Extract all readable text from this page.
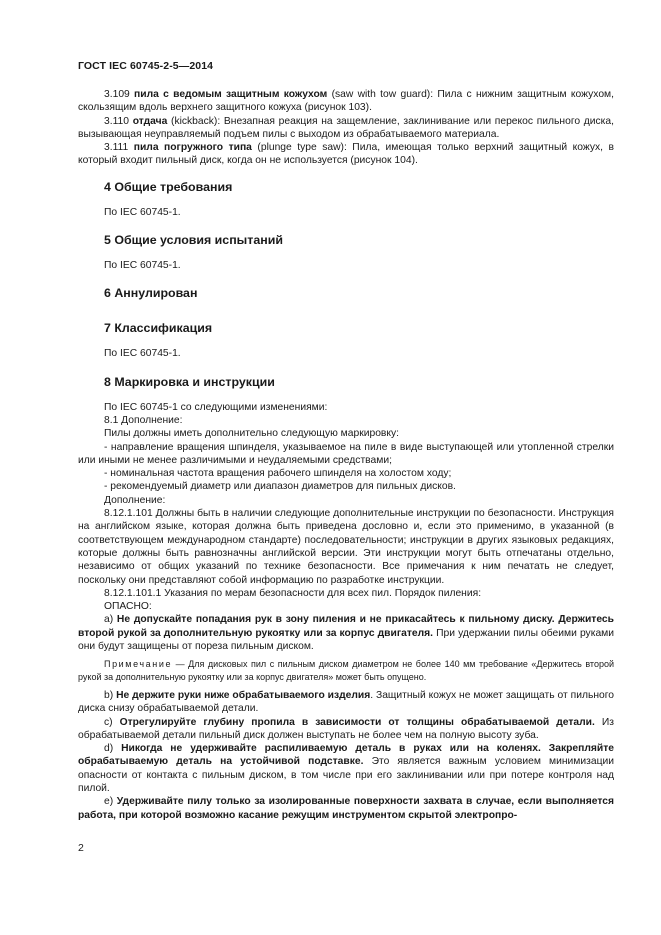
ГОСТ IEC 60745-2-5—2014

3.109 пила с ведомым защитным кожухом (saw with tow guard): Пила с нижним защитным кожухом, скользящим вдоль верхнего защитного кожуха (рисунок 103).

3.110 отдача (kickback): Внезапная реакция на защемление, заклинивание или перекос пильного диска, вызывающая неуправляемый подъем пилы с выходом из обрабатываемого материала.

3.111 пила погружного типа (plunge type saw): Пила, имеющая только верхний защитный кожух, в который входит пильный диск, когда он не используется (рисунок 104).

4 Общие требования

По IEC 60745-1.

5 Общие условия испытаний

По IEC 60745-1.

6 Аннулирован
7 Классификация

По IEC 60745-1.

8 Маркировка и инструкции

По IEC 60745-1 со следующими изменениями:

8.1 Дополнение:

Пилы должны иметь дополнительно следующую маркировку:

- направление вращения шпинделя, указываемое на пиле в виде выступающей или утопленной стрелки или иными не менее различимыми и неудаляемыми средствами;

- номинальная частота вращения рабочего шпинделя на холостом ходу;

- рекомендуемый диаметр или диапазон диаметров для пильных дисков.

Дополнение:

8.12.1.101 Должны быть в наличии следующие дополнительные инструкции по безопасности. Инструкция на английском языке, которая должна быть приведена дословно и, если это применимо, в указанной (в соответствующем международном стандарте) последовательности; инструкции в других языковых редакциях, которые должны быть равнозначны английской версии. Эти инструкции могут быть отпечатаны отдельно, независимо от общих указаний по технике безопасности. Все примечания к ним печатать не следует, поскольку они представляют собой информацию по разработке инструкции.

8.12.1.101.1 Указания по мерам безопасности для всех пил. Порядок пиления:

ОПАСНО:

a) Не допускайте попадания рук в зону пиления и не прикасайтесь к пильному диску. Держитесь второй рукой за дополнительную рукоятку или за корпус двигателя. При удержании пилы обеими руками они будут защищены от пореза пильным диском.

Примечание — Для дисковых пил с пильным диском диаметром не более 140 мм требование «Держитесь второй рукой за дополнительную рукоятку или за корпус двигателя» может быть опущено.

b) Не держите руки ниже обрабатываемого изделия. Защитный кожух не может защищать от пильного диска снизу обрабатываемой детали.

c) Отрегулируйте глубину пропила в зависимости от толщины обрабатываемой детали. Из обрабатываемой детали пильный диск должен выступать не более чем на полную высоту зуба.

d) Никогда не удерживайте распиливаемую деталь в руках или на коленях. Закрепляйте обрабатываемую деталь на устойчивой подставке. Это является важным условием минимизации опасности от контакта с пильным диском, в том числе при его заклинивании или при потере контроля над пилой.

e) Удерживайте пилу только за изолированные поверхности захвата в случае, если выполняется работа, при которой возможно касание режущим инструментом скрытой электропро-

2
